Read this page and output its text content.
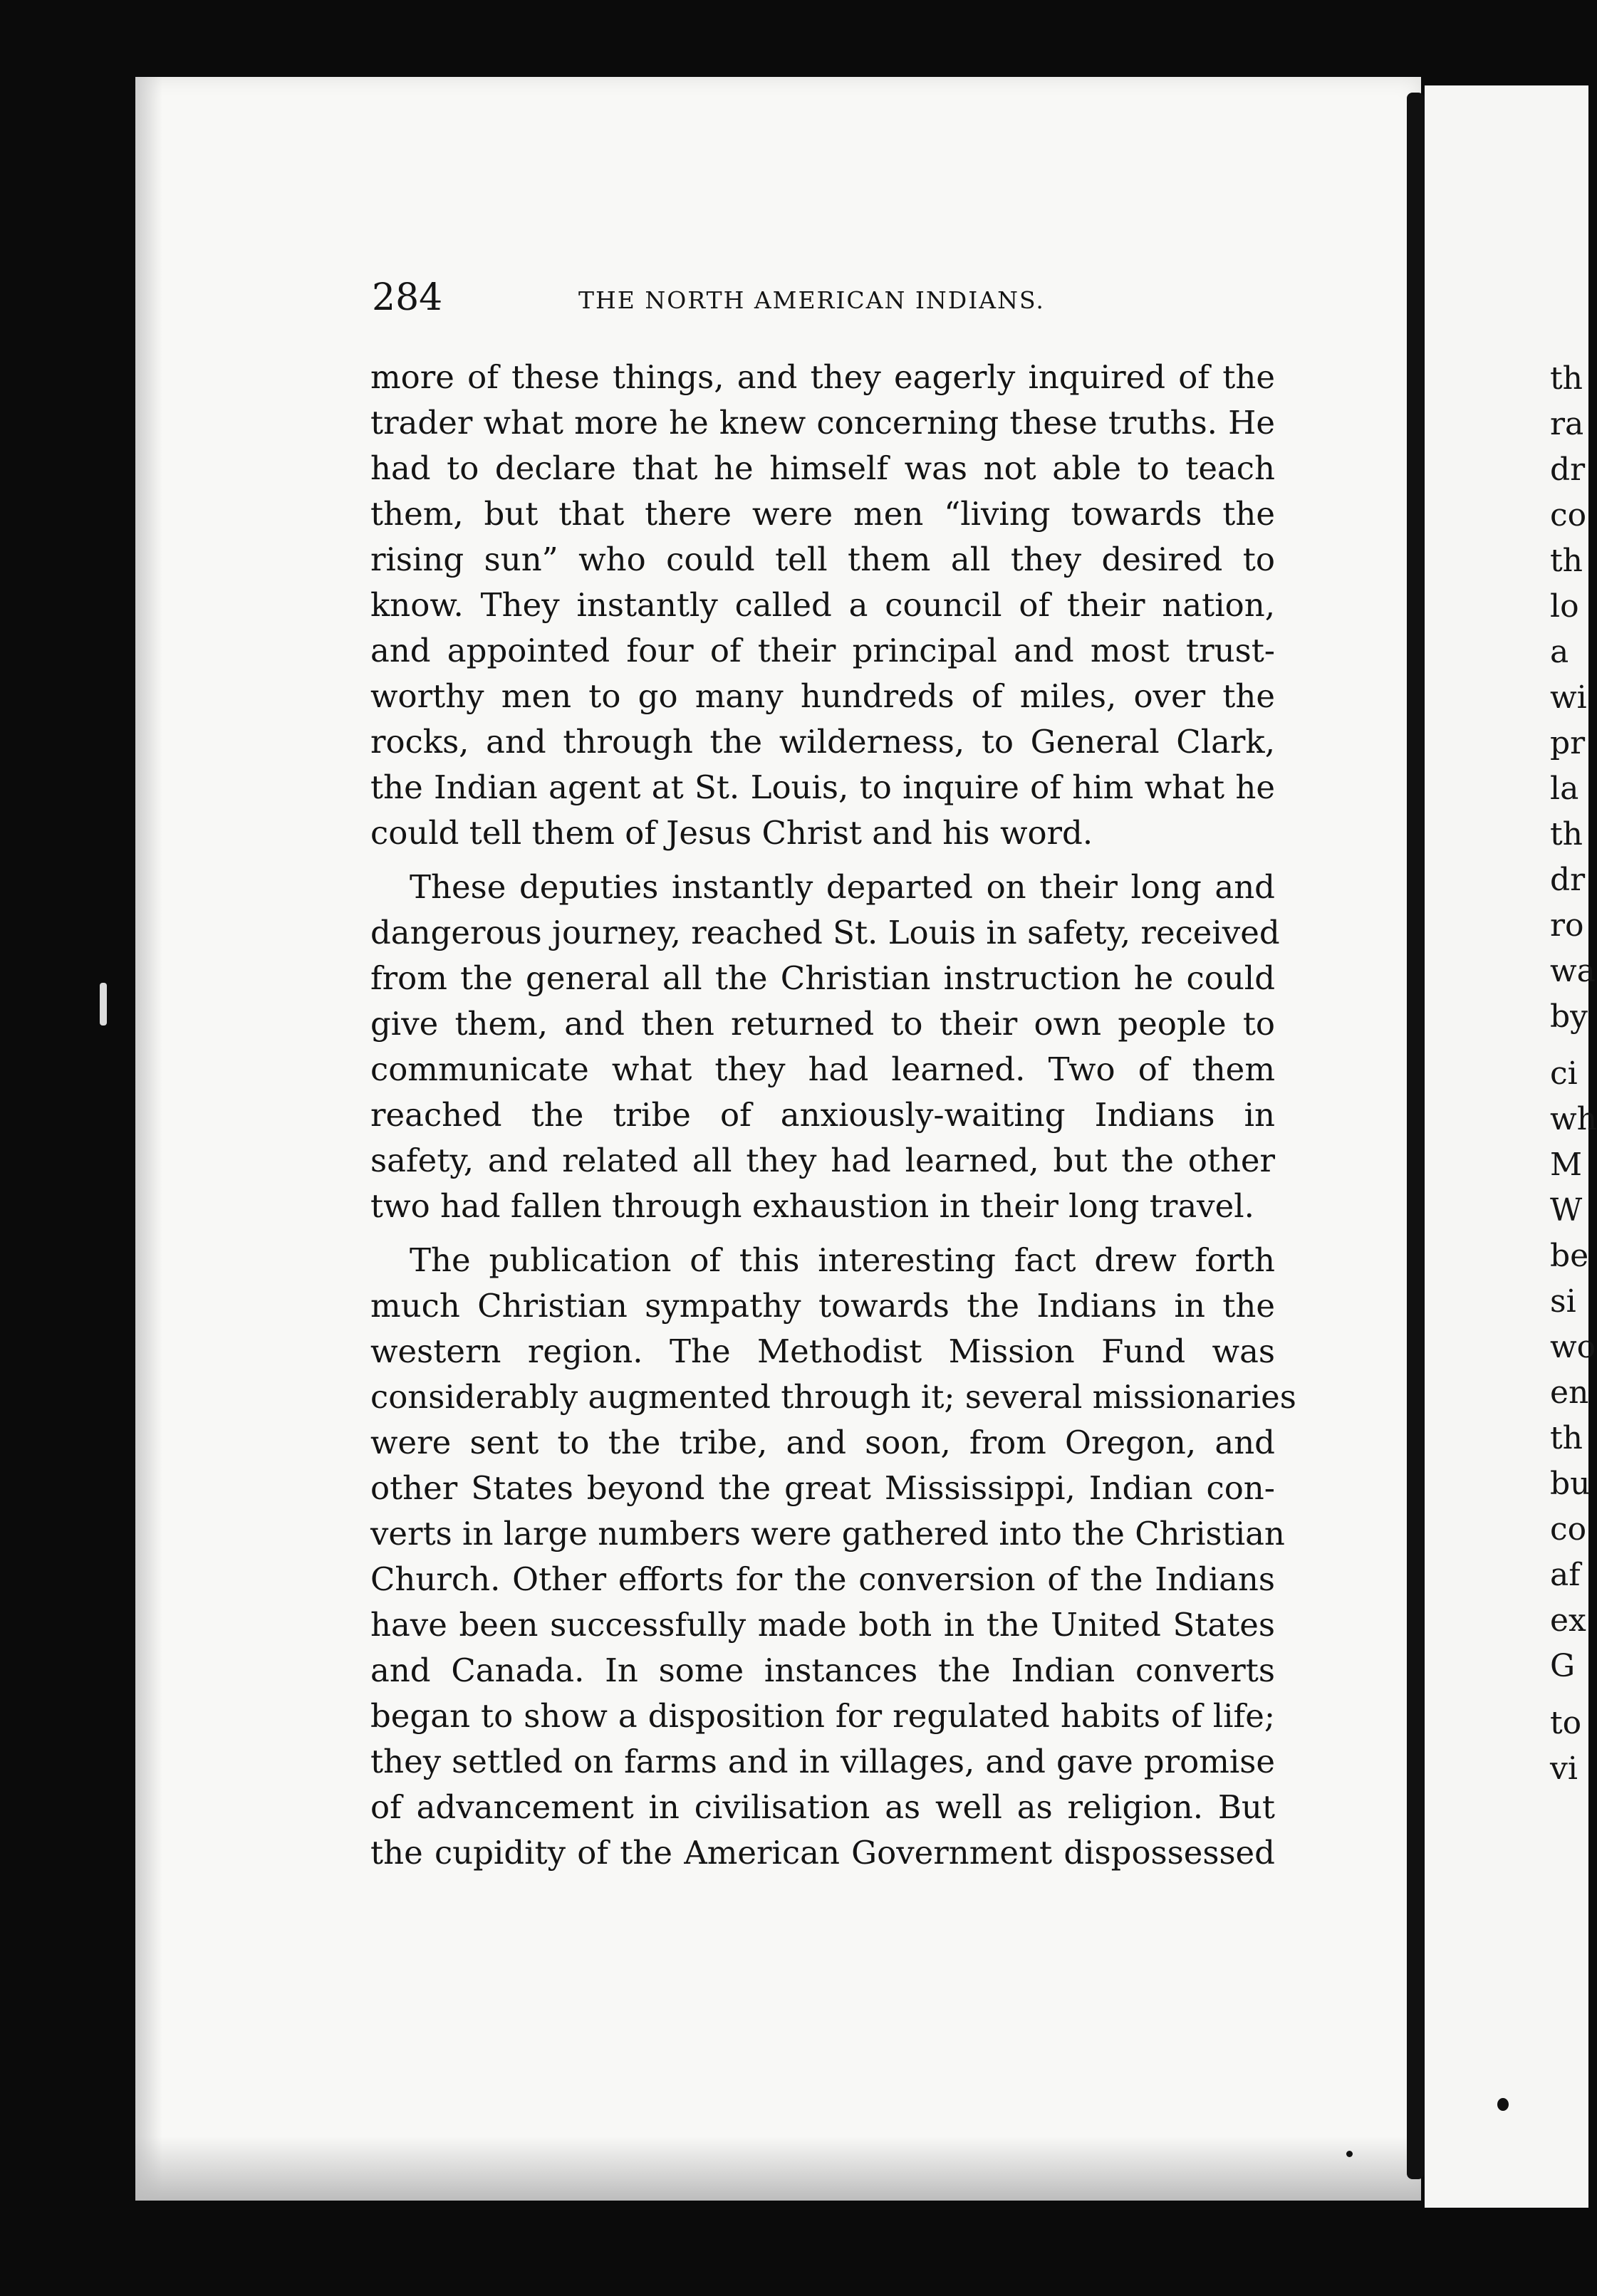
th
ra
dr
co
th
lo
a
wi
pr
la
th
dr
ro
wa
by
ci
wh
M
W
be
si
wo
en
th
bu
co
af
ex
G
to
vi
284	THE NORTH AMERICAN INDIANS.
more of these things, and they eagerly inquired of the
trader what more he knew concerning these truths. He
had to declare that he himself was not able to teach
them, but that there were men “living towards the
rising sun” who could tell them all they desired to
know. They instantly called a council of their nation,
and appointed four of their principal and most trust-
worthy men to go many hundreds of miles, over the
rocks, and through the wilderness, to General Clark,
the Indian agent at St. Louis, to inquire of him what he
could tell them of Jesus Christ and his word.
These deputies instantly departed on their long and
dangerous journey, reached St. Louis in safety, received
from the general all the Christian instruction he could
give them, and then returned to their own people to
communicate what they had learned. Two of them
reached the tribe of anxiously-waiting Indians in
safety, and related all they had learned, but the other
two had fallen through exhaustion in their long travel.
The publication of this interesting fact drew forth
much Christian sympathy towards the Indians in the
western region. The Methodist Mission Fund was
considerably augmented through it; several missionaries
were sent to the tribe, and soon, from Oregon, and
other States beyond the great Mississippi, Indian con-
verts in large numbers were gathered into the Christian
Church. Other efforts for the conversion of the Indians
have been successfully made both in the United States
and Canada. In some instances the Indian converts
began to show a disposition for regulated habits of life;
they settled on farms and in villages, and gave promise
of advancement in civilisation as well as religion. But
the cupidity of the American Government dispossessed
